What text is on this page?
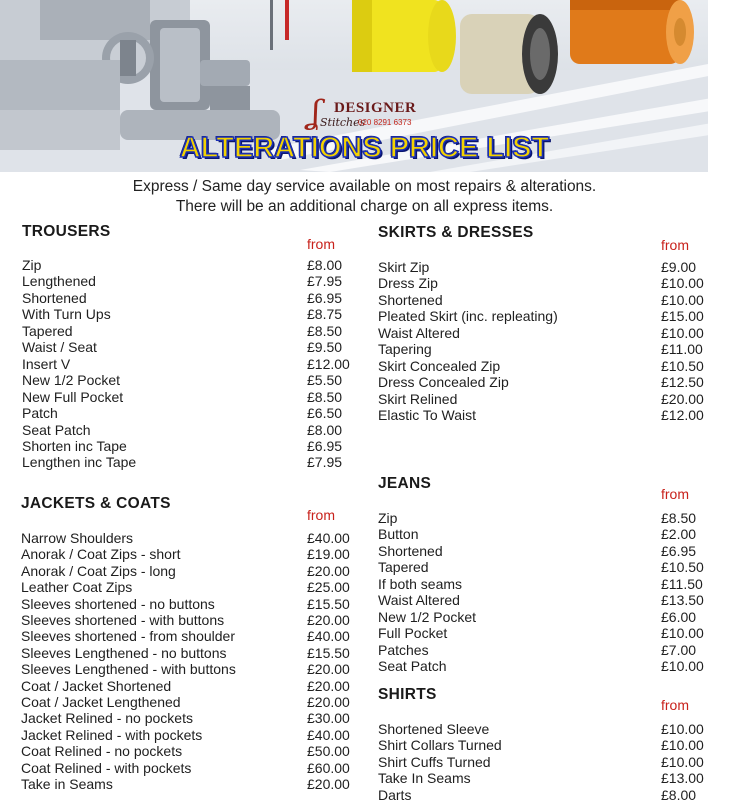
ʆ DESIGNER
Stitches
020 8291 6373
ALTERATIONS PRICE LIST
Express / Same day service available on most repairs & alterations.
There will be an additional charge on all express items.
TROUSERS
from
Zip	£8.00
Lengthened	£7.95
Shortened	£6.95
With Turn Ups	£8.75
Tapered	£8.50
Waist / Seat	£9.50
Insert V	£12.00
New 1/2 Pocket	£5.50
New Full Pocket	£8.50
Patch	£6.50
Seat Patch	£8.00
Shorten inc Tape	£6.95
Lengthen inc Tape	£7.95
JACKETS & COATS
from
Narrow Shoulders	£40.00
Anorak / Coat Zips - short	£19.00
Anorak / Coat Zips - long	£20.00
Leather Coat Zips	£25.00
Sleeves shortened - no buttons	£15.50
Sleeves shortened - with buttons	£20.00
Sleeves shortened - from shoulder	£40.00
Sleeves Lengthened - no buttons	£15.50
Sleeves Lengthened - with buttons	£20.00
Coat / Jacket Shortened	£20.00
Coat / Jacket Lengthened	£20.00
Jacket Relined - no pockets	£30.00
Jacket Relined - with pockets	£40.00
Coat Relined - no pockets	£50.00
Coat Relined - with pockets	£60.00
Take in Seams	£20.00
SKIRTS & DRESSES
from
Skirt Zip	£9.00
Dress Zip	£10.00
Shortened	£10.00
Pleated Skirt (inc. repleating)	£15.00
Waist Altered	£10.00
Tapering	£11.00
Skirt Concealed Zip	£10.50
Dress Concealed Zip	£12.50
Skirt Relined	£20.00
Elastic To Waist	£12.00
JEANS
from
Zip	£8.50
Button	£2.00
Shortened	£6.95
Tapered	£10.50
If both seams	£11.50
Waist Altered	£13.50
New 1/2 Pocket	£6.00
Full Pocket	£10.00
Patches	£7.00
Seat Patch	£10.00
SHIRTS
from
Shortened Sleeve	£10.00
Shirt Collars Turned	£10.00
Shirt Cuffs Turned	£10.00
Take In Seams	£13.00
Darts	£8.00
